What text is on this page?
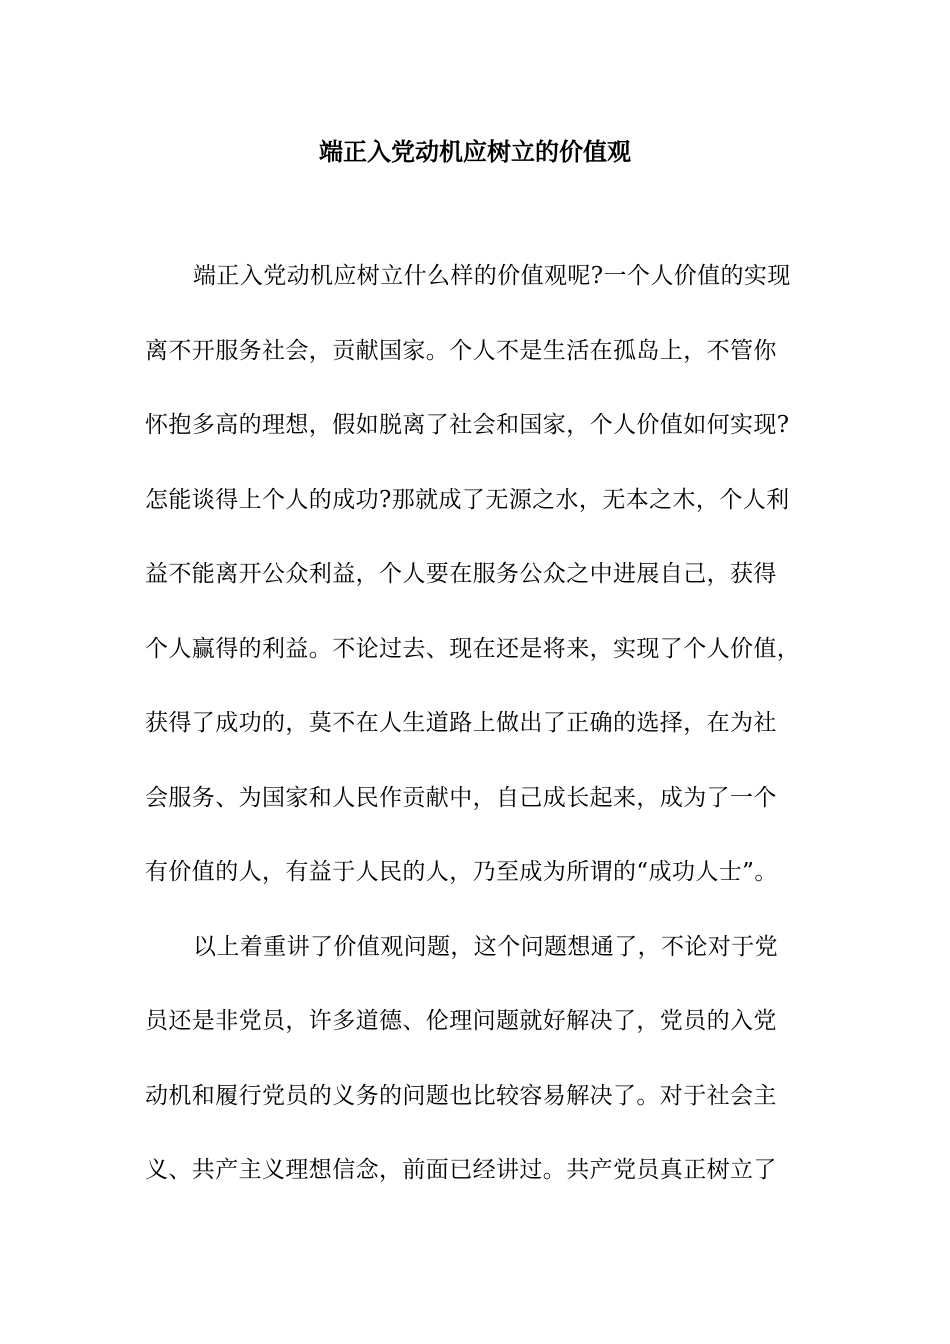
端正入党动机应树立的价值观
端正入党动机应树立什么样的价值观呢?一个人价值的实现
离不开服务社会，贡献国家。个人不是生活在孤岛上，不管你
怀抱多高的理想，假如脱离了社会和国家，个人价值如何实现?
怎能谈得上个人的成功?那就成了无源之水，无本之木，个人利
益不能离开公众利益，个人要在服务公众之中进展自己，获得
个人赢得的利益。不论过去、现在还是将来，实现了个人价值，
获得了成功的，莫不在人生道路上做出了正确的选择，在为社
会服务、为国家和人民作贡献中，自己成长起来，成为了一个
有价值的人，有益于人民的人，乃至成为所谓的“成功人士”。
以上着重讲了价值观问题，这个问题想通了，不论对于党
员还是非党员，许多道德、伦理问题就好解决了，党员的入党
动机和履行党员的义务的问题也比较容易解决了。对于社会主
义、共产主义理想信念，前面已经讲过。共产党员真正树立了
